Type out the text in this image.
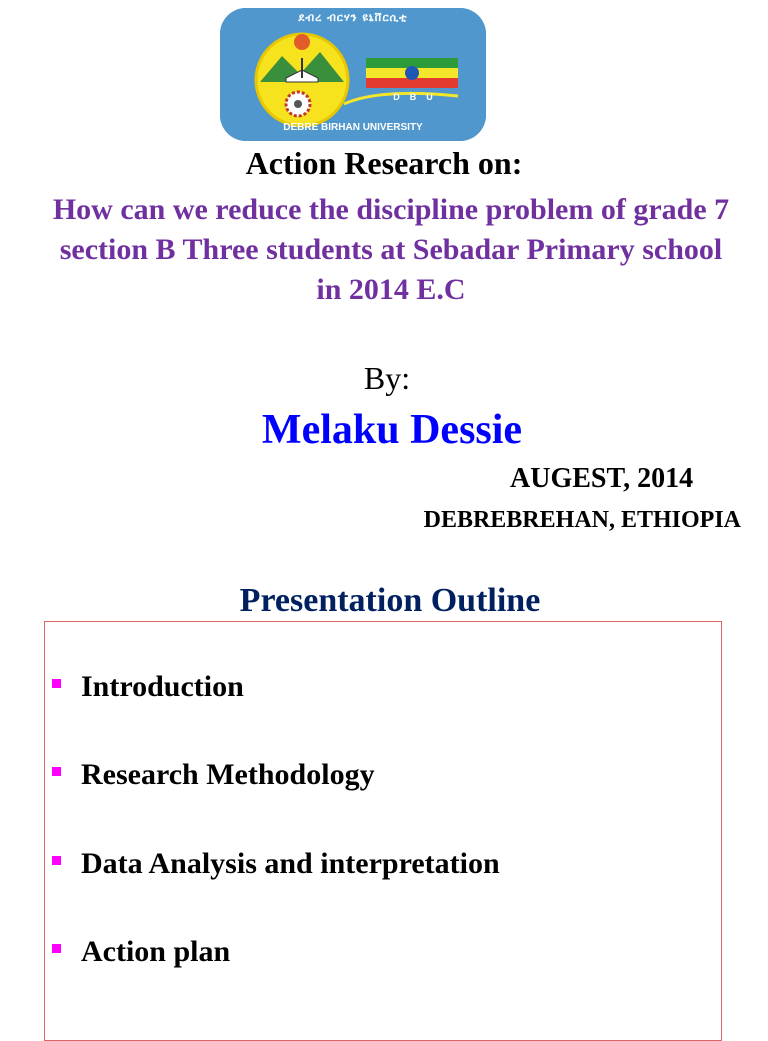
ደብረ ብርሃን ዩኒቨርሲቲ
DEBRE BIRHAN UNIVERSITY
DBU
Action Research on:
How can we reduce the discipline problem of grade 7 section B Three students at Sebadar Primary school in 2014 E.C
By:
Melaku Dessie
AUGEST, 2014
DEBREBREHAN, ETHIOPIA
Presentation Outline
Introduction
Research Methodology
Data Analysis and interpretation
Action plan
